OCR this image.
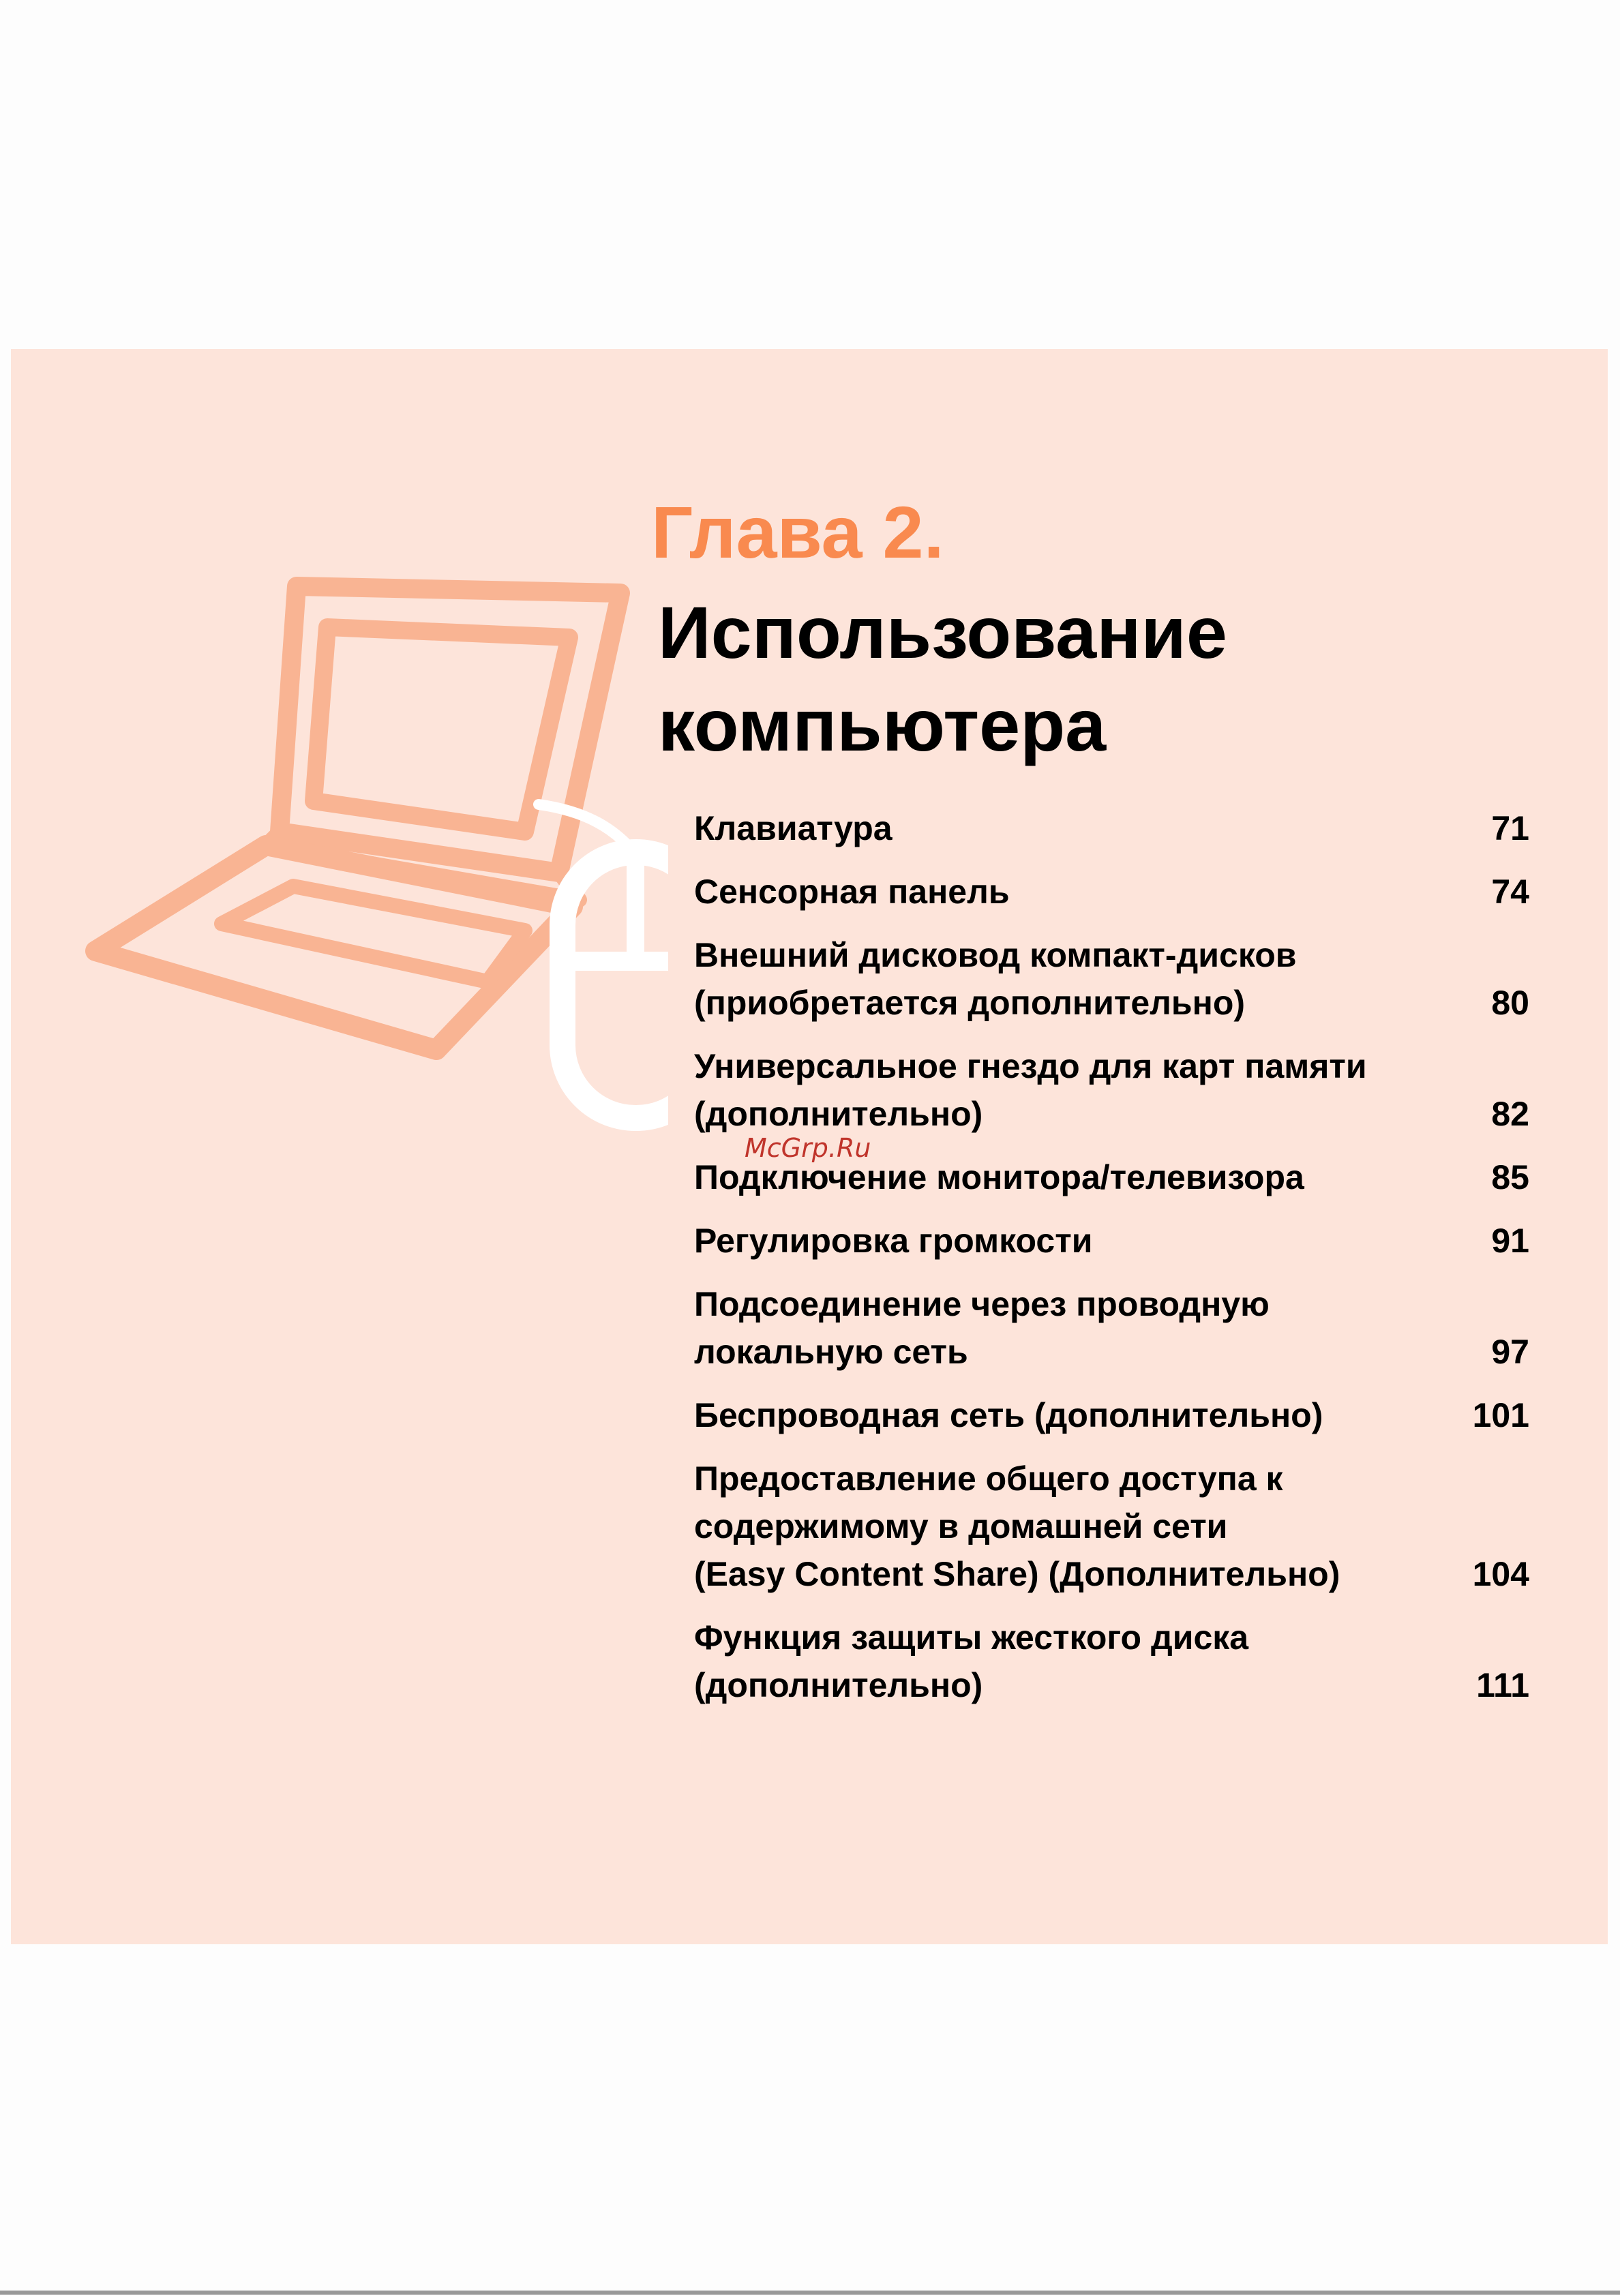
Глава 2.
Использование
компьютера
Клавиатура	71
Сенсорная панель	74
Внешний дисковод компакт-дисков
(приобретается дополнительно)	80
Универсальное гнездо для карт памяти
(дополнительно)	82
Подключение монитора/телевизора	85
Регулировка громкости	91
Подсоединение через проводную
локальную сеть	97
Беспроводная сеть (дополнительно)	101
Предоставление общего доступа к
содержимому в домашней сети
(Easy Content Share) (Дополнительно)	104
Функция защиты жесткого диска
(дополнительно)	111
McGrp.Ru
